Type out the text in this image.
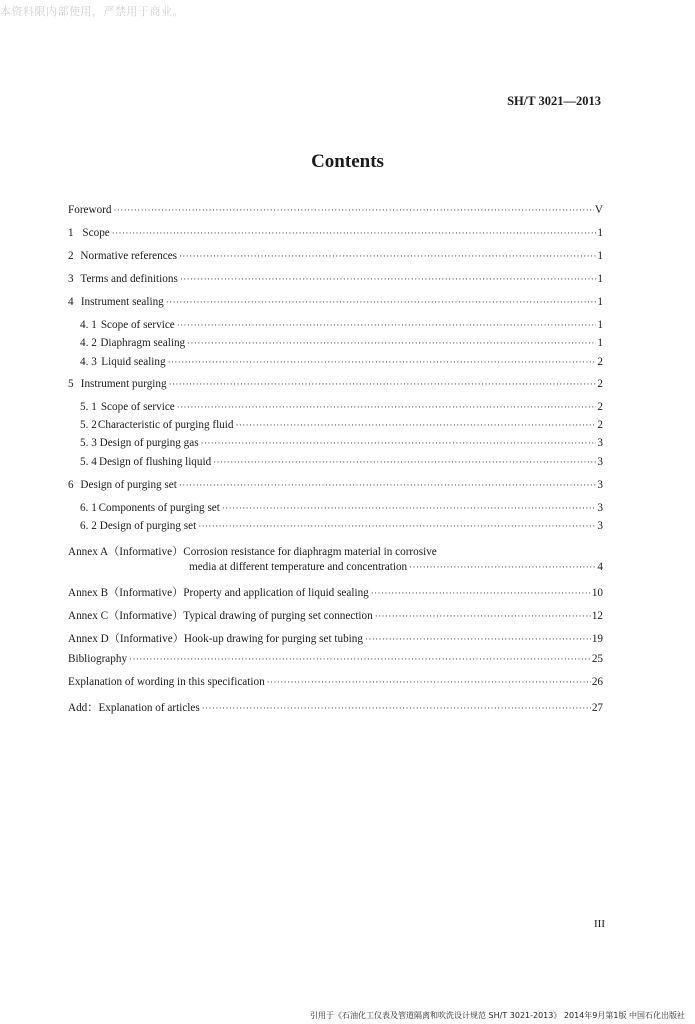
本资料限内部使用，严禁用于商业。
SH/T 3021—2013
Contents
Foreword ·····	V
1 Scope ·····	1
2 Normative references ·····	1
3 Terms and definitions ·····	1
4 Instrument sealing ·····	1
4. 1 Scope of service ·····	1
4. 2 Diaphragm sealing ·····	1
4. 3 Liquid sealing ·····	2
5 Instrument purging ·····	2
5. 1 Scope of service ·····	2
5. 2 Characteristic of purging fluid ·····	2
5. 3 Design of purging gas ·····	3
5. 4 Design of flushing liquid ·····	3
6 Design of purging set ·····	3
6. 1 Components of purging set ·····	3
6. 2 Design of purging set ·····	3
Annex A（Informative）Corrosion resistance for diaphragm material in corrosive
media at different temperature and concentration ·····	4
Annex B（Informative）Property and application of liquid sealing ·····	10
Annex C（Informative）Typical drawing of purging set connection ·····	12
Annex D（Informative）Hook-up drawing for purging set tubing ·····	19
Bibliography ·····	25
Explanation of wording in this specification ·····	26
Add：Explanation of articles ·····	27
III
引用于《石油化工仪表及管道隔离和吹洗设计规范 SH/T 3021-2013》 2014年9月第1版 中国石化出版社
